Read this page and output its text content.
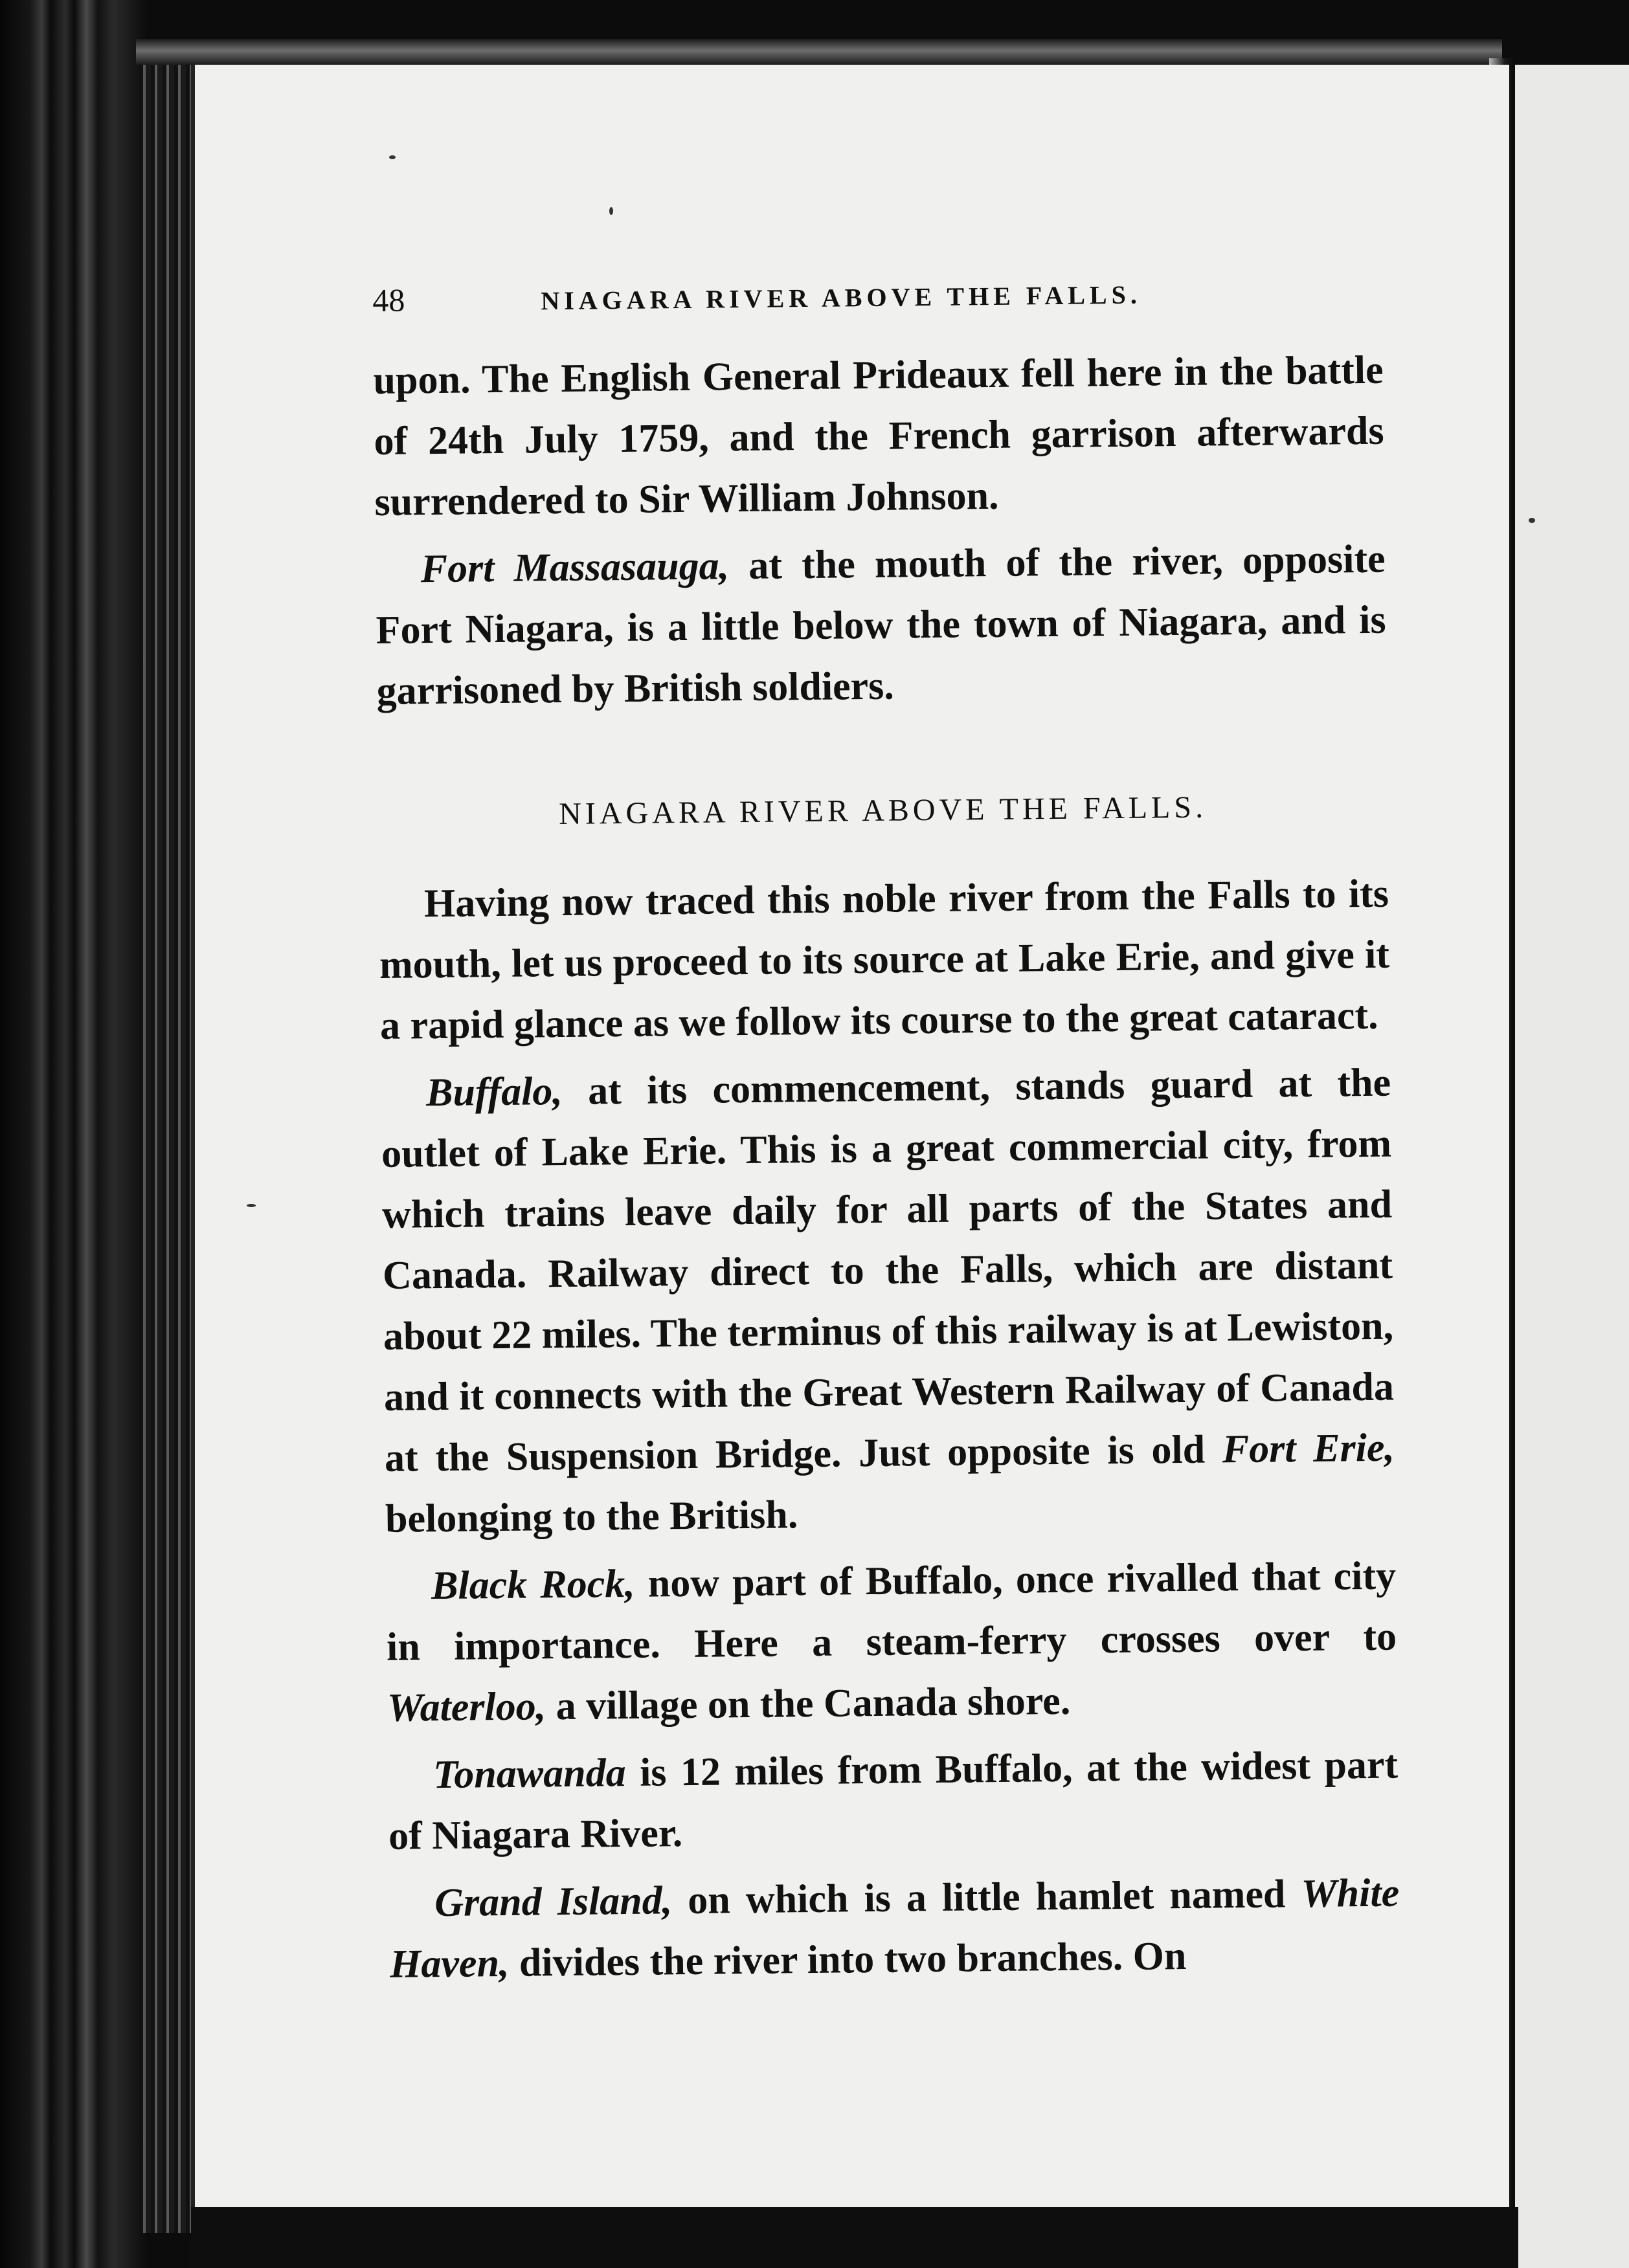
48	NIAGARA RIVER ABOVE THE FALLS.

upon. The English General Prideaux fell here in the battle of 24th July 1759, and the French garrison afterwards surrendered to Sir William Johnson.

Fort Massasauga, at the mouth of the river, opposite Fort Niagara, is a little below the town of Niagara, and is garrisoned by British soldiers.

NIAGARA RIVER ABOVE THE FALLS.

Having now traced this noble river from the Falls to its mouth, let us proceed to its source at Lake Erie, and give it a rapid glance as we follow its course to the great cataract.

Buffalo, at its commencement, stands guard at the outlet of Lake Erie. This is a great commercial city, from which trains leave daily for all parts of the States and Canada. Railway direct to the Falls, which are distant about 22 miles. The terminus of this railway is at Lewiston, and it connects with the Great Western Railway of Canada at the Suspension Bridge. Just opposite is old Fort Erie, belonging to the British.

Black Rock, now part of Buffalo, once rivalled that city in importance. Here a steam-ferry crosses over to Waterloo, a village on the Canada shore.

Tonawanda is 12 miles from Buffalo, at the widest part of Niagara River.

Grand Island, on which is a little hamlet named White Haven, divides the river into two branches. On
